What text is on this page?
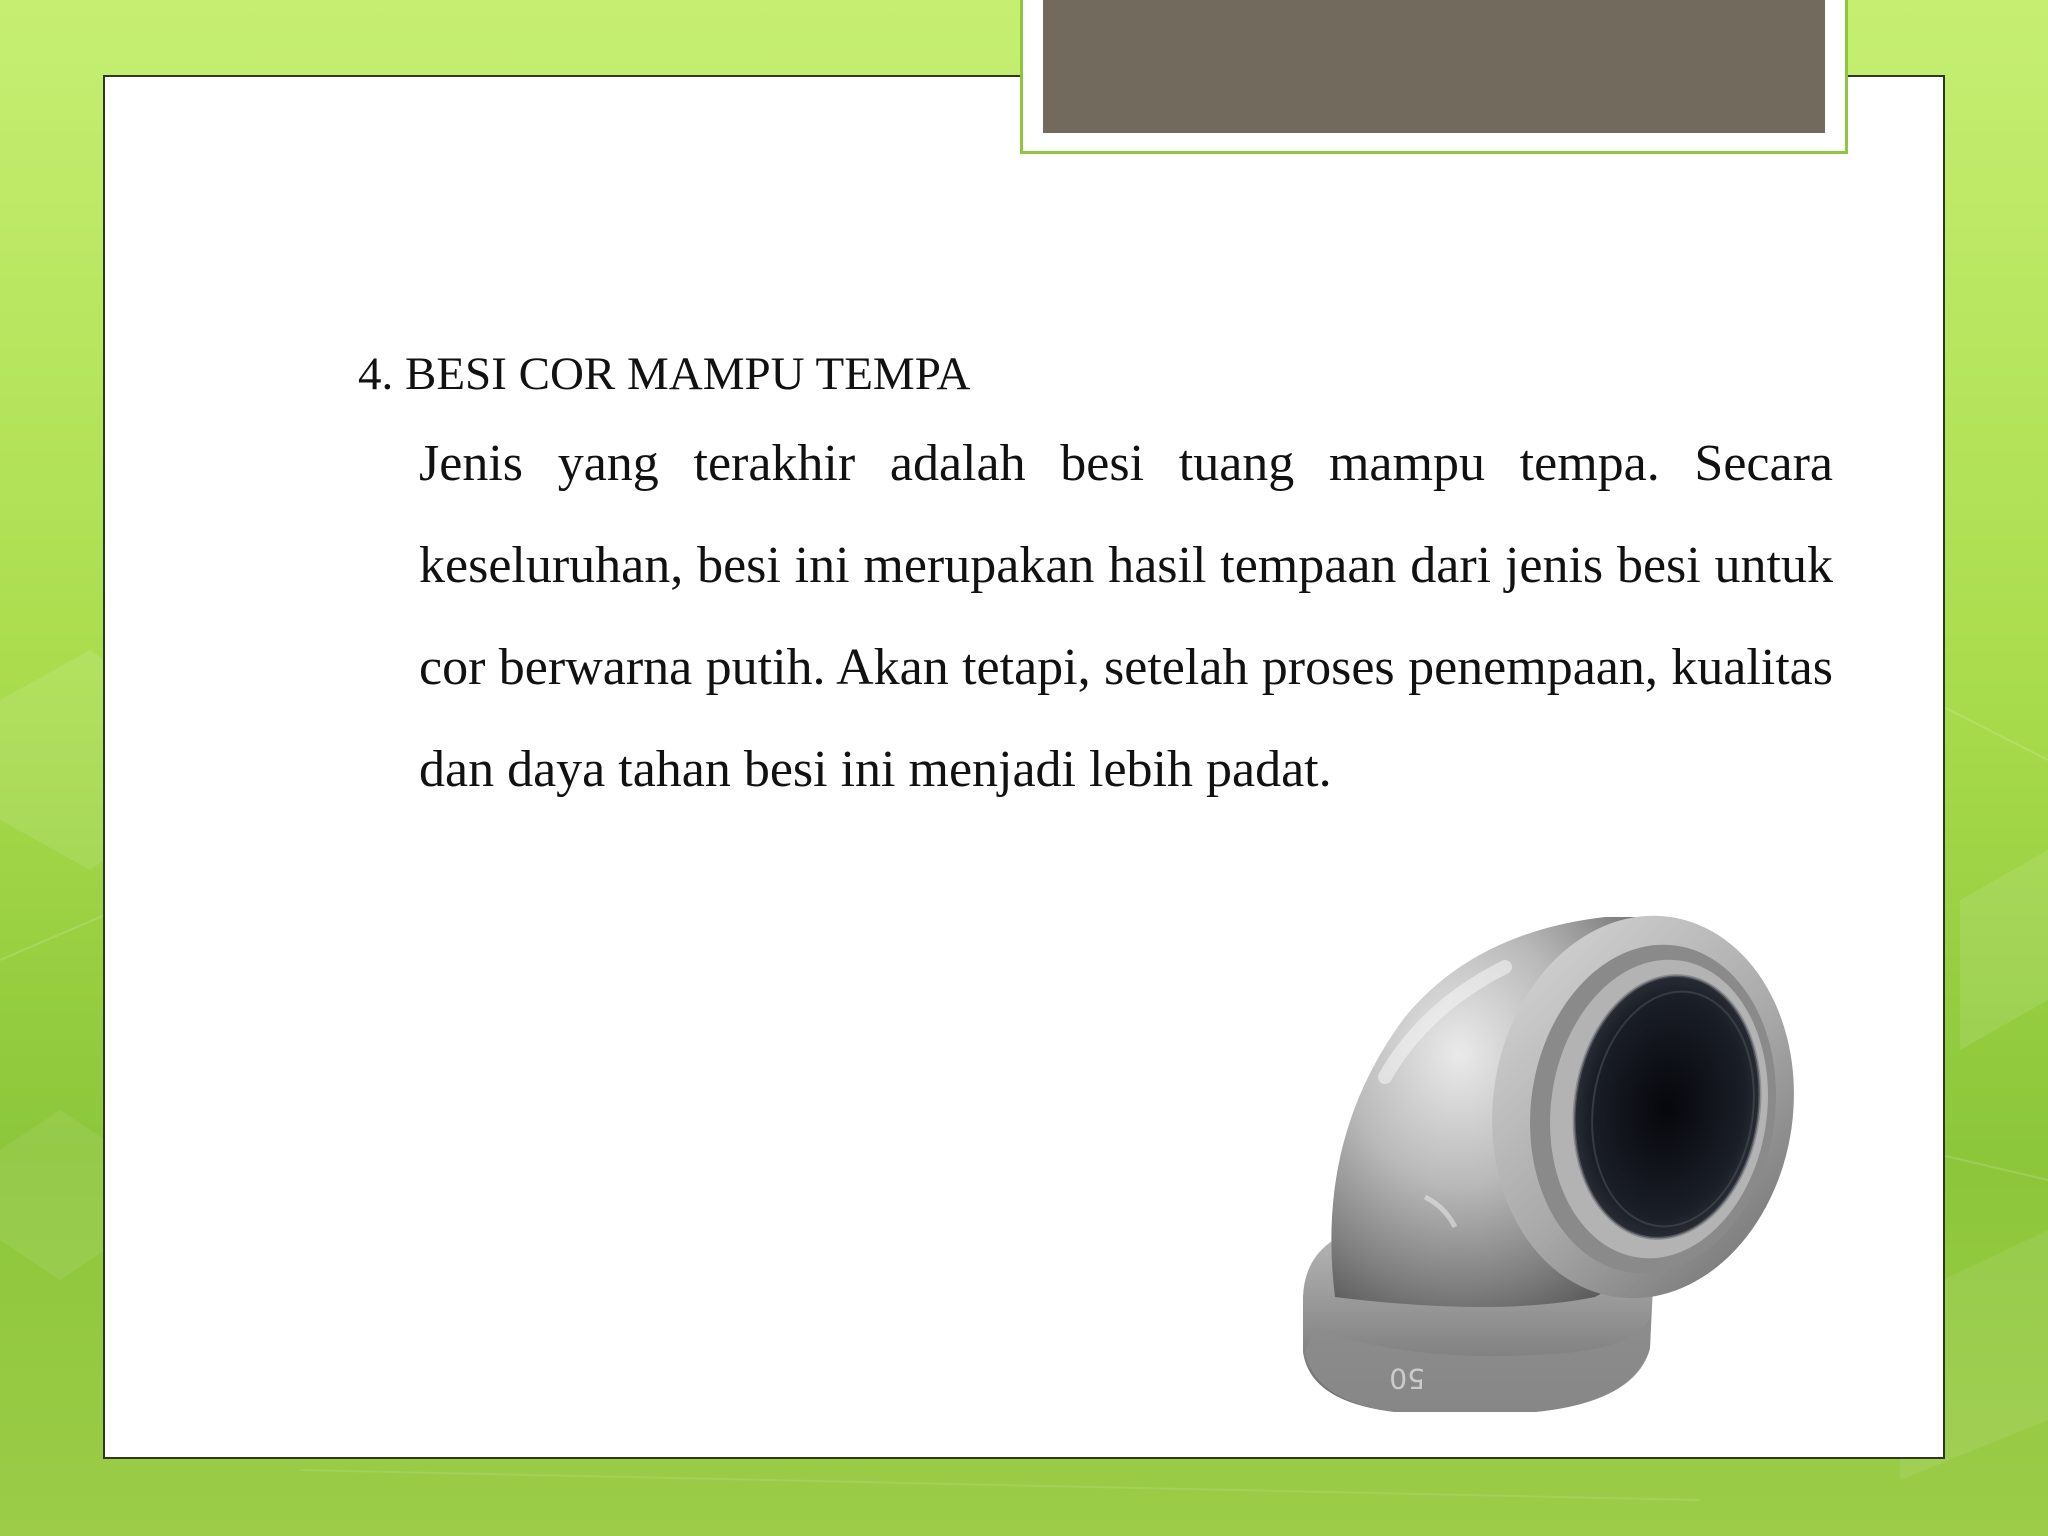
4. BESI COR MAMPU TEMPA

Jenis yang terakhir adalah besi tuang mampu tempa. Secara keseluruhan, besi ini merupakan hasil tempaan dari jenis besi untuk cor berwarna putih. Akan tetapi, setelah proses penempaan, kualitas dan daya tahan besi ini menjadi lebih padat.

50
